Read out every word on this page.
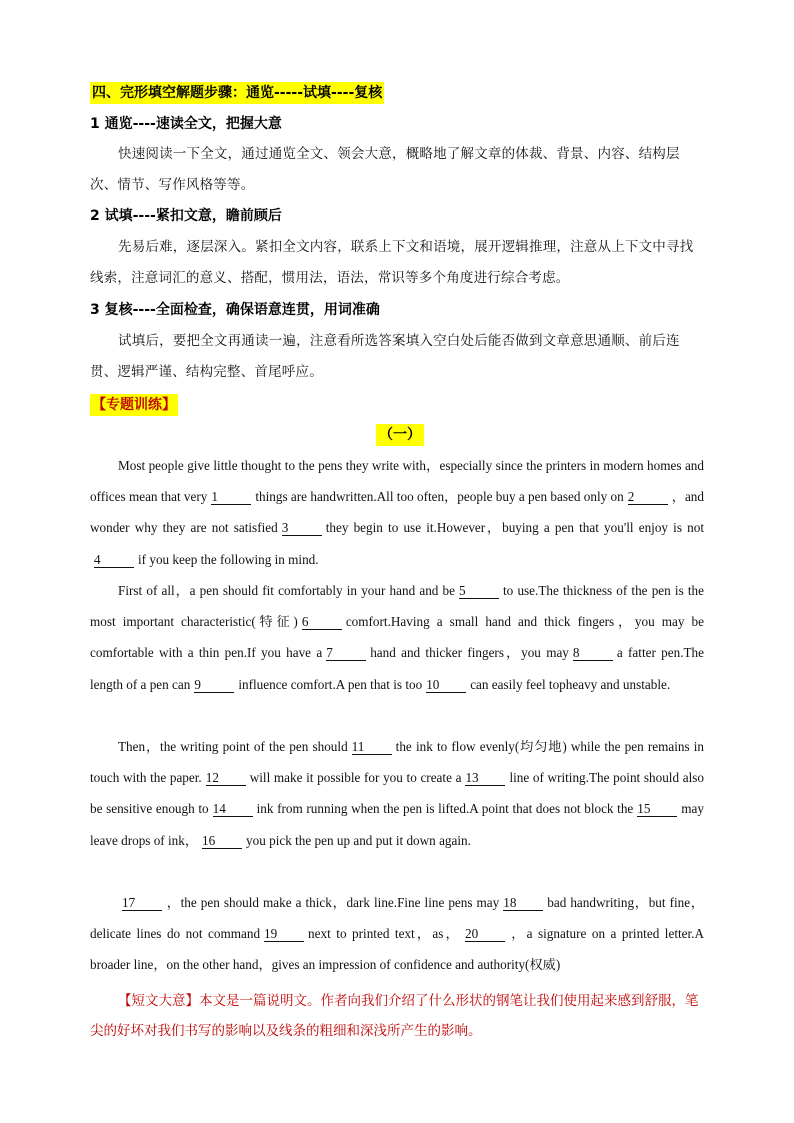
四、完形填空解题步骤：通览-----试填----复核
1 通览----速读全文，把握大意

快速阅读一下全文，通过通览全文、领会大意，概略地了解文章的体裁、背景、内容、结构层次、情节、写作风格等等。

2 试填----紧扣文意，瞻前顾后

先易后难，逐层深入。紧扣全文内容，联系上下文和语境，展开逻辑推理，注意从上下文中寻找线索，注意词汇的意义、搭配，惯用法，语法，常识等多个角度进行综合考虑。

3 复核----全面检查，确保语意连贯，用词准确

试填后，要把全文再通读一遍，注意看所选答案填入空白处后能否做到文章意思通顺、前后连贯、逻辑严谨、结构完整、首尾呼应。

【专题训练】
（一）

Most people give little thought to the pens they write with，especially since the printers in modern homes and offices mean that very 1	things are handwritten.All too often，people buy a pen based only on 2	，and wonder why they are not satisfied 3	they begin to use it.However，buying a pen that you'll enjoy is not4	if you keep the following in mind.

First of all，a pen should fit comfortably in your hand and be 5	to use.The thickness of the pen is the most important characteristic(特征) 6	comfort.Having a small hand and thick fingers，you may be comfortable with a thin pen.If you have a 7	hand and thicker fingers，you may 8	a fatter pen.The length of a pen can 9	influence comfort.A pen that is too 10 can easily feel topheavy and unstable.

Then，the writing point of the pen should 11 the ink to flow evenly(均匀地) while the pen remains in touch with the paper. 12 will make it possible for you to create a 13 line of writing.The point should also be sensitive enough to 14 ink from running when the pen is lifted.A point that does not block the 15 may leave drops of ink， 16 you pick the pen up and put it down again.

17 ，the pen should make a thick，dark line.Fine line pens may 18 bad handwriting，but fine，delicate lines do not command 19 next to printed text，as， 20 ，a signature on a printed letter.A broader line，on the other hand，gives an impression of confidence and authority(权威)

【短文大意】本文是一篇说明文。作者向我们介绍了什么形状的钢笔让我们使用起来感到舒服，笔尖的好坏对我们书写的影响以及线条的粗细和深浅所产生的影响。
